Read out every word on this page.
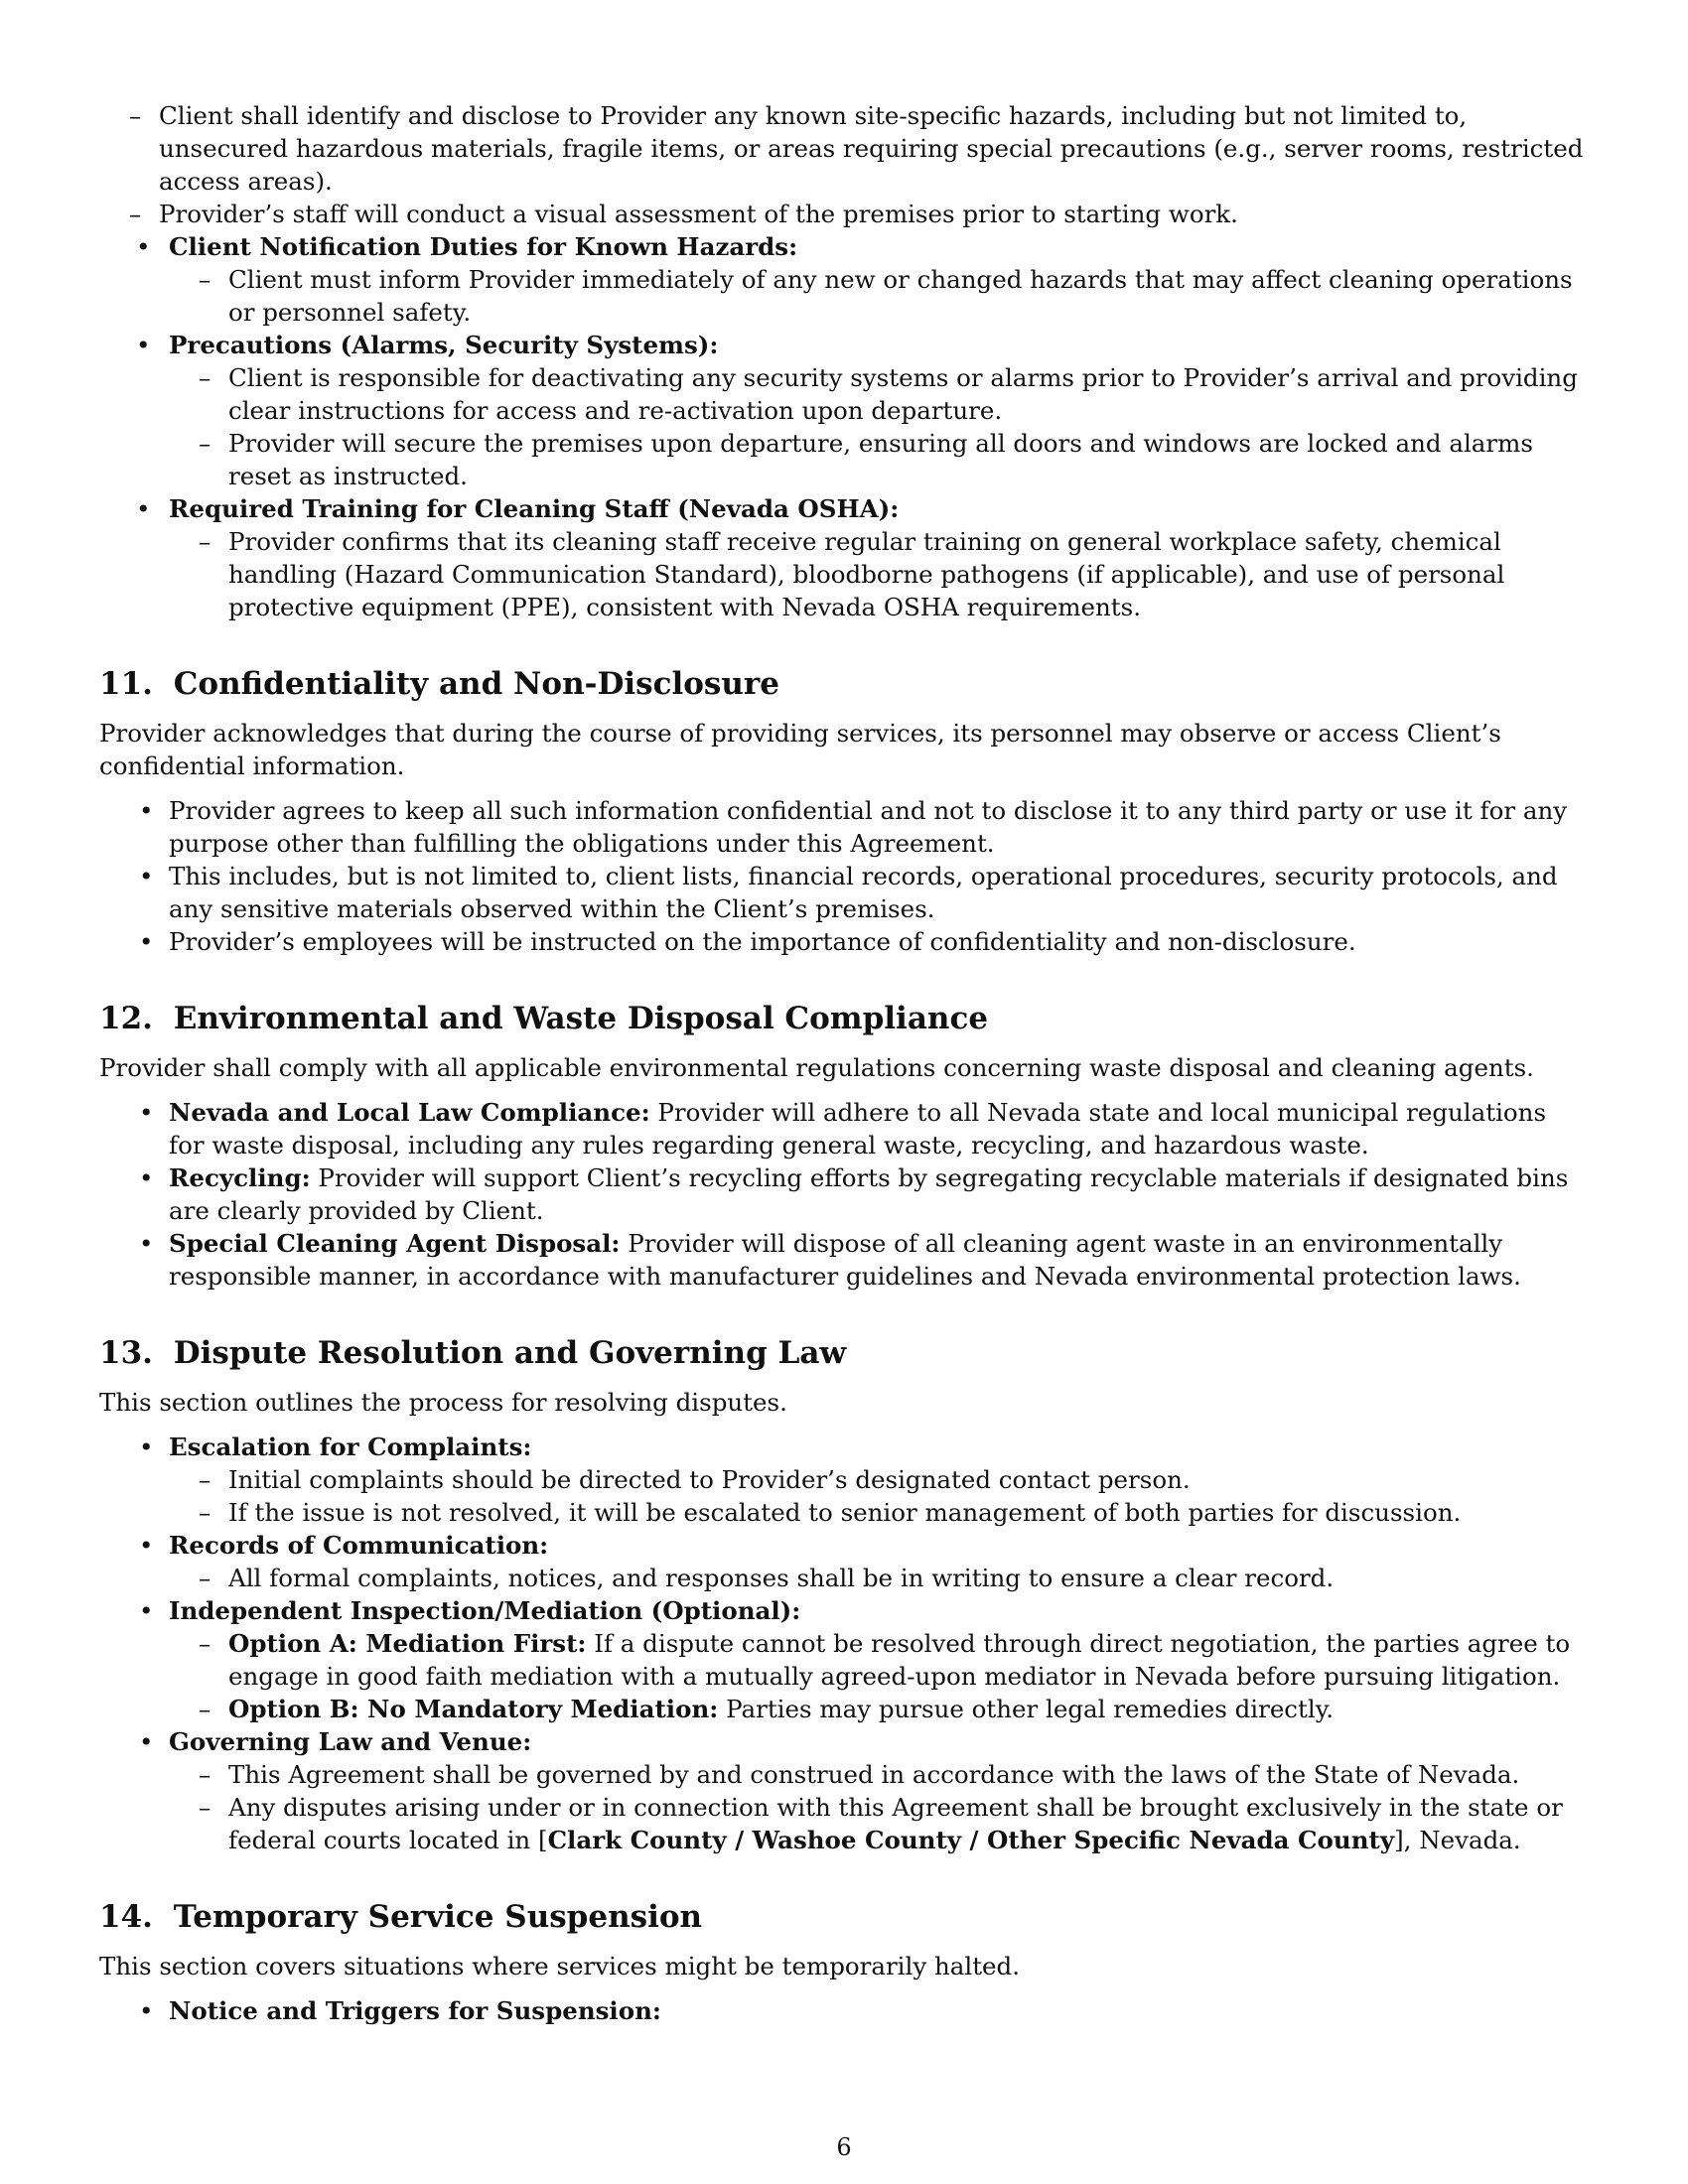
– Client shall identify and disclose to Provider any known site-specific hazards, including but not limited to, unsecured hazardous materials, fragile items, or areas requiring special precautions (e.g., server rooms, restricted access areas).
– Provider’s staff will conduct a visual assessment of the premises prior to starting work.
• Client Notification Duties for Known Hazards:
– Client must inform Provider immediately of any new or changed hazards that may affect cleaning operations or personnel safety.
• Precautions (Alarms, Security Systems):
– Client is responsible for deactivating any security systems or alarms prior to Provider’s arrival and providing clear instructions for access and re-activation upon departure.
– Provider will secure the premises upon departure, ensuring all doors and windows are locked and alarms reset as instructed.
• Required Training for Cleaning Staff (Nevada OSHA):
– Provider confirms that its cleaning staff receive regular training on general workplace safety, chemical handling (Hazard Communication Standard), bloodborne pathogens (if applicable), and use of personal protective equipment (PPE), consistent with Nevada OSHA requirements.
11. Confidentiality and Non-Disclosure

Provider acknowledges that during the course of providing services, its personnel may observe or access Client’s confidential information.

• Provider agrees to keep all such information confidential and not to disclose it to any third party or use it for any purpose other than fulfilling the obligations under this Agreement.
• This includes, but is not limited to, client lists, financial records, operational procedures, security protocols, and any sensitive materials observed within the Client’s premises.
• Provider’s employees will be instructed on the importance of confidentiality and non-disclosure.
12. Environmental and Waste Disposal Compliance

Provider shall comply with all applicable environmental regulations concerning waste disposal and cleaning agents.

• Nevada and Local Law Compliance: Provider will adhere to all Nevada state and local municipal regulations for waste disposal, including any rules regarding general waste, recycling, and hazardous waste.
• Recycling: Provider will support Client’s recycling efforts by segregating recyclable materials if designated bins are clearly provided by Client.
• Special Cleaning Agent Disposal: Provider will dispose of all cleaning agent waste in an environmentally responsible manner, in accordance with manufacturer guidelines and Nevada environmental protection laws.
13. Dispute Resolution and Governing Law

This section outlines the process for resolving disputes.

• Escalation for Complaints:
– Initial complaints should be directed to Provider’s designated contact person.
– If the issue is not resolved, it will be escalated to senior management of both parties for discussion.
• Records of Communication:
– All formal complaints, notices, and responses shall be in writing to ensure a clear record.
• Independent Inspection/Mediation (Optional):
– Option A: Mediation First: If a dispute cannot be resolved through direct negotiation, the parties agree to engage in good faith mediation with a mutually agreed-upon mediator in Nevada before pursuing litigation.
– Option B: No Mandatory Mediation: Parties may pursue other legal remedies directly.
• Governing Law and Venue:
– This Agreement shall be governed by and construed in accordance with the laws of the State of Nevada.
– Any disputes arising under or in connection with this Agreement shall be brought exclusively in the state or federal courts located in [Clark County / Washoe County / Other Specific Nevada County], Nevada.
14. Temporary Service Suspension

This section covers situations where services might be temporarily halted.

• Notice and Triggers for Suspension:
6
